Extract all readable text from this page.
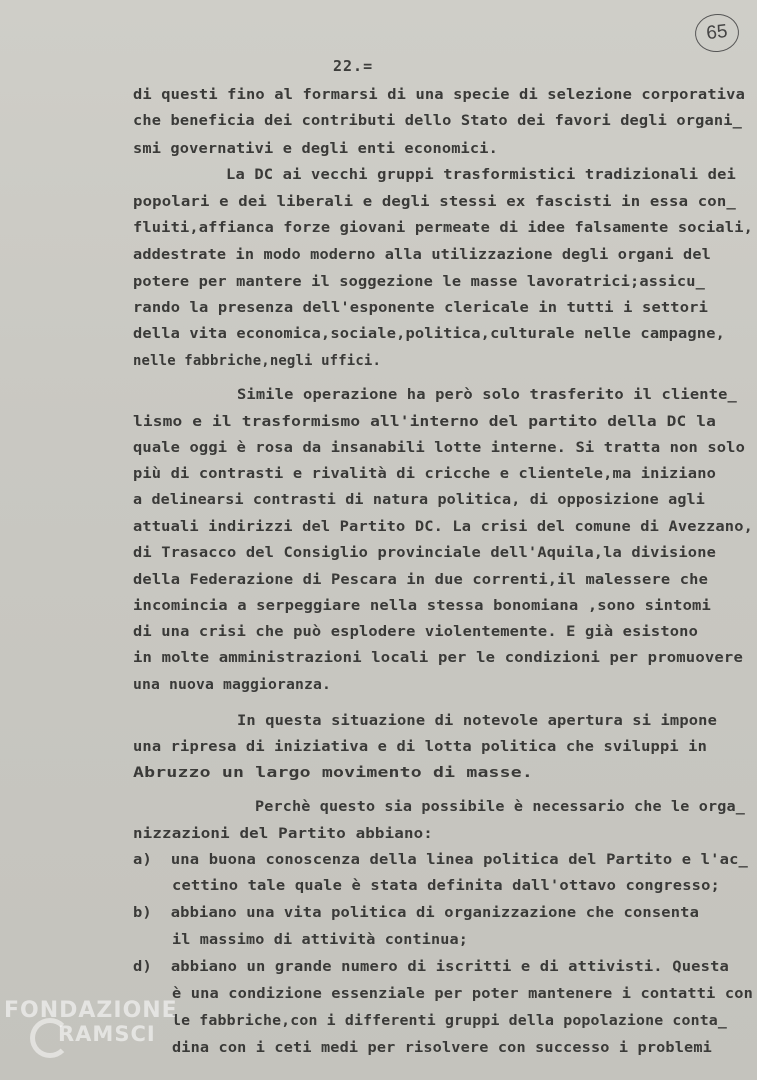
65
22.=
di questi fino al formarsi di una specie di selezione corporativa
che beneficia dei contributi dello Stato dei favori degli organi_
smi governativi e degli enti economici.
La DC ai vecchi gruppi trasformistici tradizionali dei
popolari e dei liberali e degli stessi ex fascisti in essa con_
fluiti,affianca forze giovani permeate di idee falsamente sociali,
addestrate in modo moderno alla utilizzazione degli organi del
potere per mantere il soggezione le masse lavoratrici;assicu_
rando la presenza dell'esponente clericale in tutti i settori
della vita economica,sociale,politica,culturale nelle campagne,
nelle fabbriche,negli uffici.
Simile operazione ha però solo trasferito il cliente_
lismo e il trasformismo all'interno del partito della DC la
quale oggi è rosa da insanabili lotte interne. Si tratta non solo
più di contrasti e rivalità di cricche e clientele,ma iniziano
a delinearsi contrasti di natura politica, di opposizione agli
attuali indirizzi del Partito DC. La crisi del comune di Avezzano,
di Trasacco del Consiglio provinciale dell'Aquila,la divisione
della Federazione di Pescara in due correnti,il malessere che
incomincia a serpeggiare nella stessa bonomiana ,sono sintomi
di una crisi che può esplodere violentemente. E già esistono
in molte amministrazioni locali per le condizioni per promuovere
una nuova maggioranza.
In questa situazione di notevole apertura si impone
una ripresa di iniziativa e di lotta politica che sviluppi in
Abruzzo un largo movimento di masse.
Perchè questo sia possibile è necessario che le orga_
nizzazioni del Partito abbiano:
a)  una buona conoscenza della linea politica del Partito e l'ac_
cettino tale quale è stata definita dall'ottavo congresso;
b)  abbiano una vita politica di organizzazione che consenta
il massimo di attività continua;
d)  abbiano un grande numero di iscritti e di attivisti. Questa
è una condizione essenziale per poter mantenere i contatti con
le fabbriche,con i differenti gruppi della popolazione conta_
dina con i ceti medi per risolvere con successo i problemi
FONDAZIONE
RAMSCI
